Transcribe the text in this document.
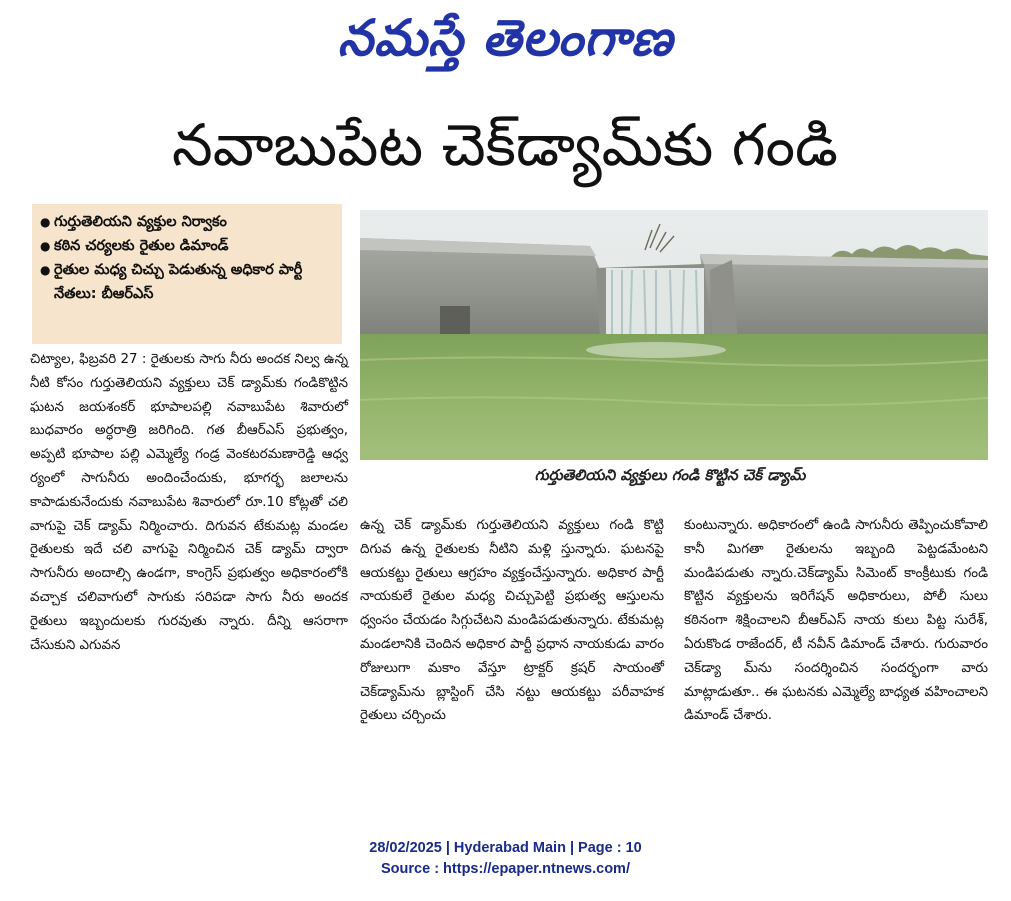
నమస్తే తెలంగాణ
నవాబుపేట చెక్‌డ్యామ్‌కు గండి
● గుర్తుతెలియని వ్యక్తుల నిర్వాకం
● కఠిన చర్యలకు రైతుల డిమాండ్
● రైతుల మధ్య చిచ్చు పెడుతున్న అధికార పార్టీ నేతలు: బీఆర్‌ఎస్
గుర్తుతెలియని వ్యక్తులు గండి కొట్టిన చెక్ డ్యామ్

చిట్యాల, ఫిబ్రవరి 27 : రైతులకు సాగు నీరు అందక నిల్వ ఉన్న నీటి కోసం గుర్తుతెలియని వ్యక్తులు చెక్ డ్యామ్‌కు గండికొట్టిన ఘటన జయశంకర్ భూపాలపల్లి నవాబుపేట శివారులో బుధవారం అర్ధరాత్రి జరిగింది. గత బీఆర్‌ఎస్ ప్రభుత్వం, అప్పటి భూపాల పల్లి ఎమ్మెల్యే గండ్ర వెంకటరమణారెడ్డి ఆధ్వ ర్యంలో సాగునీరు అందించేందుకు, భూగర్భ జలాలను కాపాడుకునేందుకు నవాబుపేట శివారులో రూ.10 కోట్లతో చలి వాగుపై చెక్ డ్యామ్ నిర్మించారు. దిగువన టేకుమట్ల మండల రైతులకు ఇదే చలి వాగుపై నిర్మించిన చెక్ డ్యామ్ ద్వారా సాగునీరు అందాల్సి ఉండగా, కాంగ్రెస్ ప్రభుత్వం అధికారంలోకి వచ్చాక చలివాగులో సాగుకు సరిపడా సాగు నీరు అందక రైతులు ఇబ్బందులకు గురవుతు న్నారు. దీన్ని ఆసరాగా చేసుకుని ఎగువన

ఉన్న చెక్ డ్యామ్‌కు గుర్తుతెలియని వ్యక్తులు గండి కొట్టి దిగువ ఉన్న రైతులకు నీటిని మళ్లి స్తున్నారు. ఘటనపై ఆయకట్టు రైతులు ఆగ్రహం వ్యక్తంచేస్తున్నారు. అధికార పార్టీ నాయకులే రైతుల మధ్య చిచ్చుపెట్టి ప్రభుత్వ ఆస్తులను ధ్వంసం చేయడం సిగ్గుచేటని మండిపడుతున్నారు. టేకుమట్ల మండలానికి చెందిన అధికార పార్టీ ప్రధాన నాయకుడు వారం రోజులుగా మకాం వేస్తూ ట్రాక్టర్ క్రషర్ సాయంతో చెక్‌డ్యామ్‌ను బ్లాస్టింగ్ చేసి నట్టు ఆయకట్టు పరీవాహక రైతులు చర్చించు

కుంటున్నారు. అధికారంలో ఉండి సాగునీరు తెప్పించుకోవాలి కానీ మిగతా రైతులను ఇబ్బంది పెట్టడమేంటని మండిపడుతు న్నారు.చెక్‌డ్యామ్ సిమెంట్ కాంక్రీటుకు గండి కొట్టిన వ్యక్తులను ఇరిగేషన్ అధికారులు, పోలీ సులు కఠినంగా శిక్షించాలని బీఆర్‌ఎస్ నాయ కులు పిట్ట సురేశ్, ఏరుకొండ రాజేందర్, టీ నవీన్ డిమాండ్ చేశారు. గురువారం చెక్‌డ్యా మ్‌ను సందర్శించిన సందర్భంగా వారు మాట్లాడుతూ.. ఈ ఘటనకు ఎమ్మెల్యే బాధ్యత వహించాలని డిమాండ్ చేశారు.

28/02/2025 | Hyderabad Main | Page : 10
Source : https://epaper.ntnews.com/
